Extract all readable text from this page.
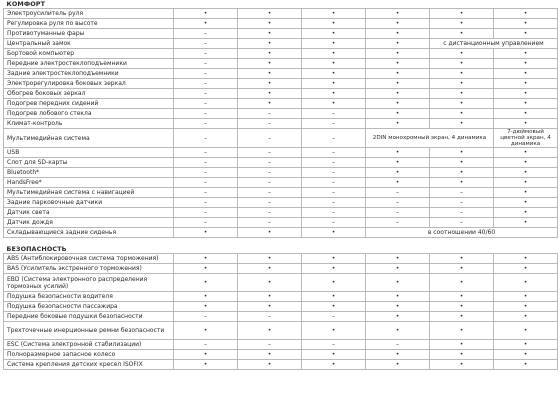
КОМФОРТ						
Электроусилитель руля	•	•	•	•	•	•
Регулировка руля по высоте	•	•	•	•	•	•
Противотуманные фары	–	•	•	•	•	•
Центральный замок	–	•	•	•	с дистанционным управлением	
Бортовой компьютер	–	•	•	•	•	•
Передние электростеклоподъемники	–	•	•	•	•	•
Задние электростеклоподъемники	–	•	•	•	•	•
Электрорегулировка боковых зеркал	–	•	•	•	•	•
Обогрев боковых зеркал	–	•	•	•	•	•
Подогрев передних сидений	–	•	•	•	•	•
Подогрев лобового стекла	–	–	–	•	•	•
Климат-контроль	–	–	–	•	•	•
Мультимедийная система	–	–	–	2DIN монохромный экран, 4 динамика		7-дюймовый цветной экран, 4 динамика
USB	–	–	–	•	•	•
Слот для SD-карты	–	–	–	•	•	•
Bluetooth*	–	–	–	•	•	•
HandsFree*	–	–	–	•	•	•
Мультимедийная система с навигацией	–	–	–	–	–	•
Задние парковочные датчики	–	–	–	–	–	•
Датчик света	–	–	–	–	–	•
Датчик дождя	–	–	–	–	–	•
Складывающиеся задние сиденья	•	•	•	в соотношении 40/60		

БЕЗОПАСНОСТЬ						
ABS (Антиблокировочная система торможения)	•	•	•	•	•	•
BAS (Усилитель экстренного торможения)	•	•	•	•	•	•
EBD (Система электронного распределения тормозных усилий)	•	•	•	•	•	•
Подушка безопасности водителя	•	•	•	•	•	•
Подушка безопасности пассажира	•	•	•	•	•	•
Передние боковые подушки безопасности	–	–	–	•	•	•
Трехточечные инерционные ремни безопасности	•	•	•	•	•	•
ESC (Система электронной стабилизации)	–	–	–	–	•	•
Полноразмерное запасное колесо	•	•	•	•	•	•
Система крепления детских кресел ISOFIX	•	•	•	•	•	•
